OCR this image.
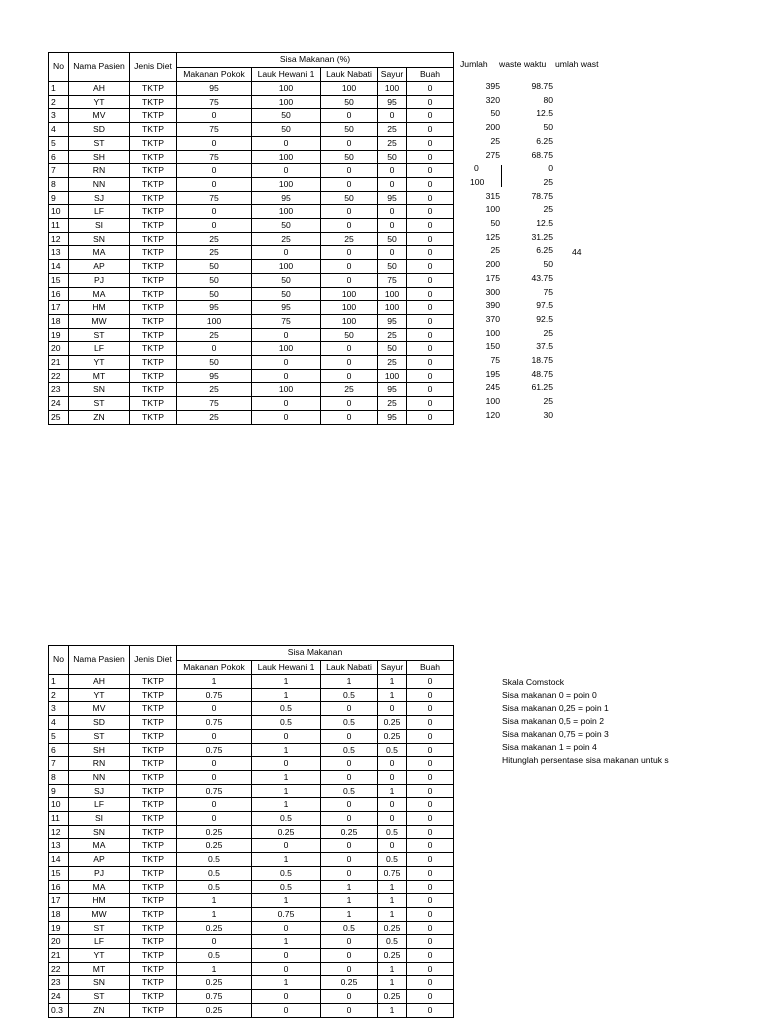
No	Nama Pasien	Jenis Diet	Sisa Makanan (%)				
			Makanan Pokok	Lauk Hewani 1	Lauk Nabati	Sayur	Buah
1	AH	TKTP	95	100	100	100	0
2	YT	TKTP	75	100	50	95	0
3	MV	TKTP	0	50	0	0	0
4	SD	TKTP	75	50	50	25	0
5	ST	TKTP	0	0	0	25	0
6	SH	TKTP	75	100	50	50	0
7	RN	TKTP	0	0	0	0	0
8	NN	TKTP	0	100	0	0	0
9	SJ	TKTP	75	95	50	95	0
10	LF	TKTP	0	100	0	0	0
11	SI	TKTP	0	50	0	0	0
12	SN	TKTP	25	25	25	50	0
13	MA	TKTP	25	0	0	0	0
14	AP	TKTP	50	100	0	50	0
15	PJ	TKTP	50	50	0	75	0
16	MA	TKTP	50	50	100	100	0
17	HM	TKTP	95	95	100	100	0
18	MW	TKTP	100	75	100	95	0
19	ST	TKTP	25	0	50	25	0
20	LF	TKTP	0	100	0	50	0
21	YT	TKTP	50	0	0	25	0
22	MT	TKTP	95	0	0	100	0
23	SN	TKTP	25	100	25	95	0
24	ST	TKTP	75	0	0	25	0
25	ZN	TKTP	25	0	0	95	0
Jumlah waste waktu umlah wast
395	98.75
320	80
50	12.5
200	50
25	6.25
275	68.75
0	0
100	25
315	78.75
100	25
50	12.5
125	31.25
25	6.25
200	50
175	43.75
300	75
390	97.5
370	92.5
100	25
150	37.5
75	18.75
195	48.75
245	61.25
100	25
120	30
44
No	Nama Pasien	Jenis Diet	Sisa Makanan				
			Makanan Pokok	Lauk Hewani 1	Lauk Nabati	Sayur	Buah
1	AH	TKTP	1	1	1	1	0
2	YT	TKTP	0.75	1	0.5	1	0
3	MV	TKTP	0	0.5	0	0	0
4	SD	TKTP	0.75	0.5	0.5	0.25	0
5	ST	TKTP	0	0	0	0.25	0
6	SH	TKTP	0.75	1	0.5	0.5	0
7	RN	TKTP	0	0	0	0	0
8	NN	TKTP	0	1	0	0	0
9	SJ	TKTP	0.75	1	0.5	1	0
10	LF	TKTP	0	1	0	0	0
11	SI	TKTP	0	0.5	0	0	0
12	SN	TKTP	0.25	0.25	0.25	0.5	0
13	MA	TKTP	0.25	0	0	0	0
14	AP	TKTP	0.5	1	0	0.5	0
15	PJ	TKTP	0.5	0.5	0	0.75	0
16	MA	TKTP	0.5	0.5	1	1	0
17	HM	TKTP	1	1	1	1	0
18	MW	TKTP	1	0.75	1	1	0
19	ST	TKTP	0.25	0	0.5	0.25	0
20	LF	TKTP	0	1	0	0.5	0
21	YT	TKTP	0.5	0	0	0.25	0
22	MT	TKTP	1	0	0	1	0
23	SN	TKTP	0.25	1	0.25	1	0
24	ST	TKTP	0.75	0	0	0.25	0
0.3	ZN	TKTP	0.25	0	0	1	0
Skala Comstock
Sisa makanan 0 = poin 0
Sisa makanan 0,25 = poin 1
Sisa makanan 0,5 = poin 2
Sisa makanan 0,75 = poin 3
Sisa makanan 1 = poin 4
Hitunglah persentase sisa makanan untuk s
